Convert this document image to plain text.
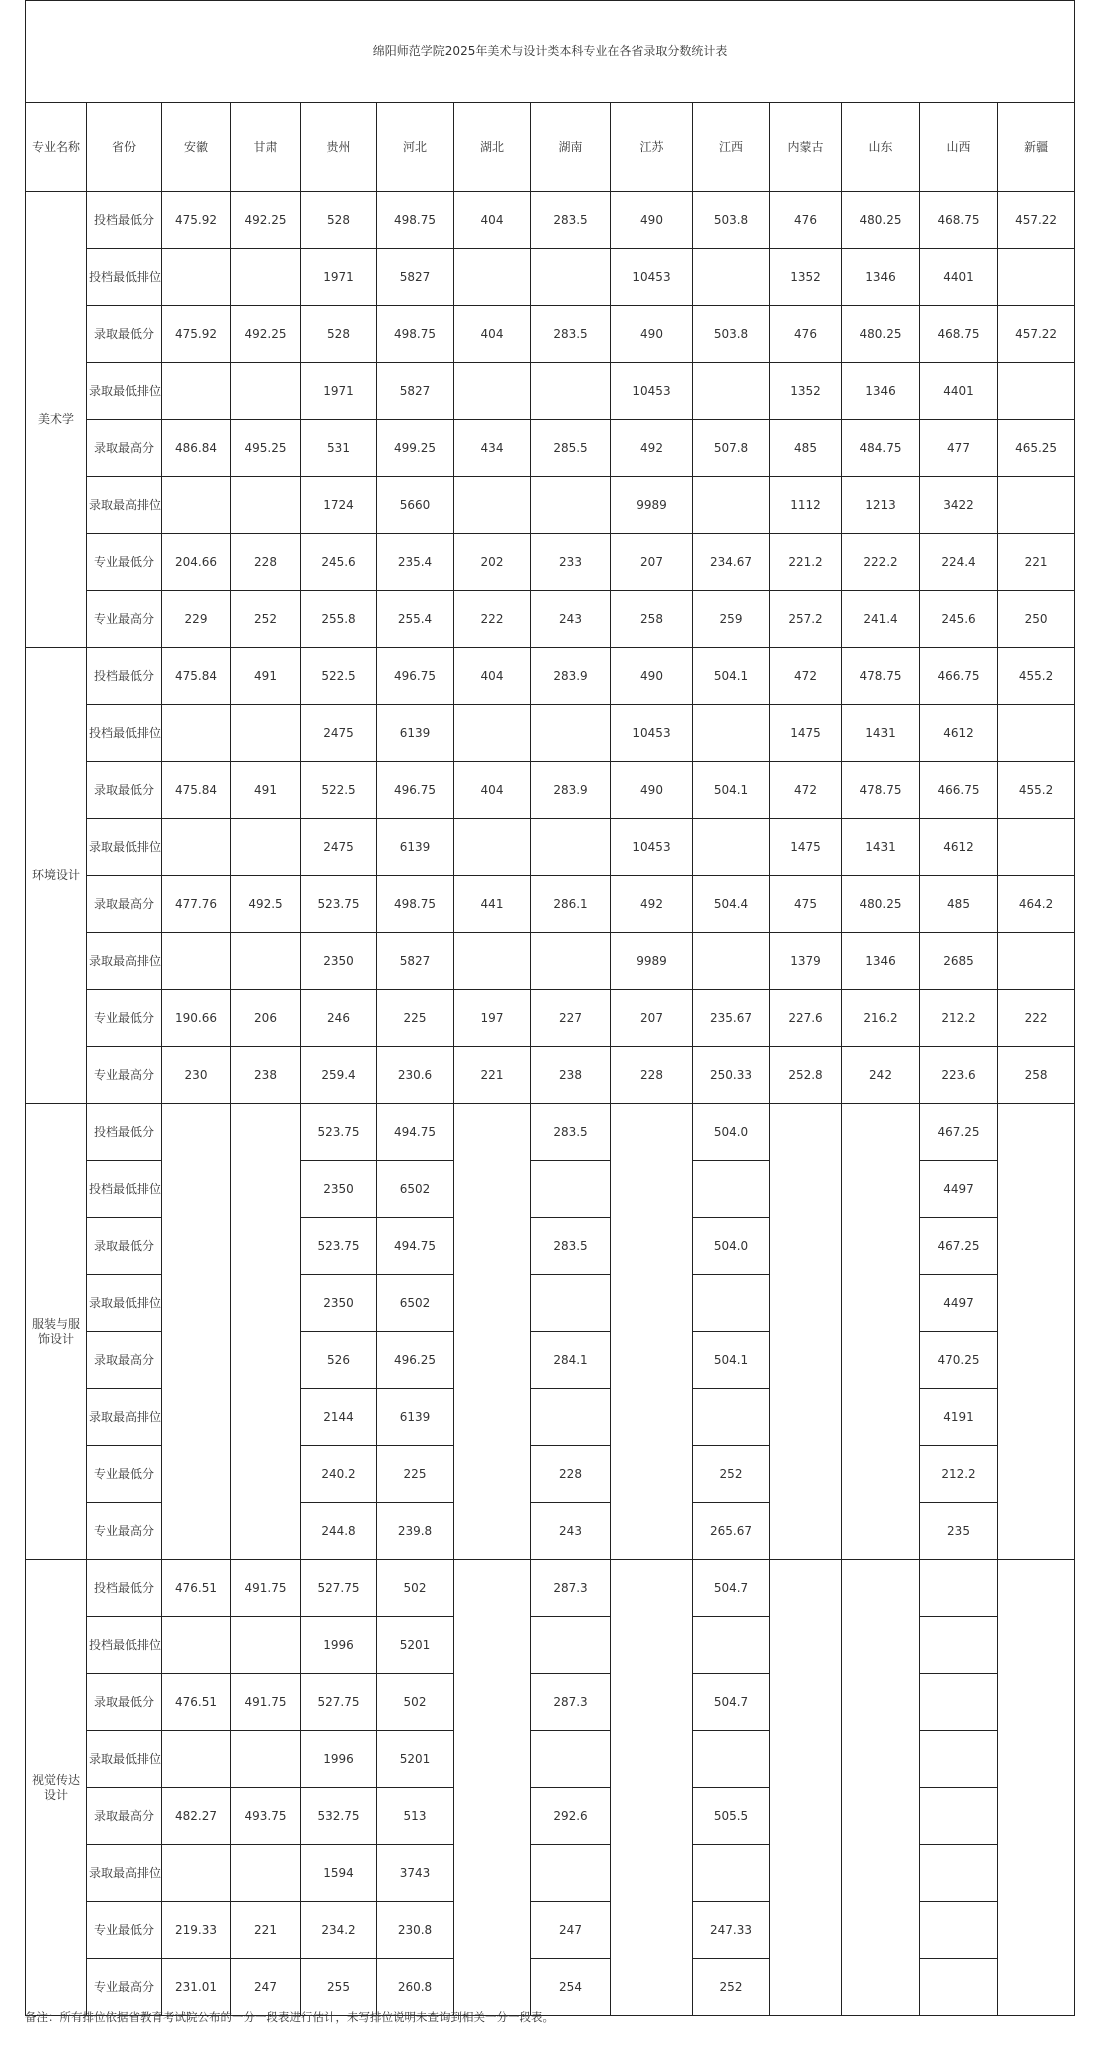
绵阳师范学院2025年美术与设计类本科专业在各省录取分数统计表													
专业名称	省份	安徽	甘肃	贵州	河北	湖北	湖南	江苏	江西	内蒙古	山东	山西	新疆
美术学	投档最低分	475.92	492.25	528	498.75	404	283.5	490	503.8	476	480.25	468.75	457.22
	投档最低排位			1971	5827			10453		1352	1346	4401	
	录取最低分	475.92	492.25	528	498.75	404	283.5	490	503.8	476	480.25	468.75	457.22
	录取最低排位			1971	5827			10453		1352	1346	4401	
	录取最高分	486.84	495.25	531	499.25	434	285.5	492	507.8	485	484.75	477	465.25
	录取最高排位			1724	5660			9989		1112	1213	3422	
	专业最低分	204.66	228	245.6	235.4	202	233	207	234.67	221.2	222.2	224.4	221
	专业最高分	229	252	255.8	255.4	222	243	258	259	257.2	241.4	245.6	250
环境设计	投档最低分	475.84	491	522.5	496.75	404	283.9	490	504.1	472	478.75	466.75	455.2
	投档最低排位			2475	6139			10453		1475	1431	4612	
	录取最低分	475.84	491	522.5	496.75	404	283.9	490	504.1	472	478.75	466.75	455.2
	录取最低排位			2475	6139			10453		1475	1431	4612	
	录取最高分	477.76	492.5	523.75	498.75	441	286.1	492	504.4	475	480.25	485	464.2
	录取最高排位			2350	5827			9989		1379	1346	2685	
	专业最低分	190.66	206	246	225	197	227	207	235.67	227.6	216.2	212.2	222
	专业最高分	230	238	259.4	230.6	221	238	228	250.33	252.8	242	223.6	258
服装与服饰设计	投档最低分			523.75	494.75		283.5		504.0			467.25	
	投档最低排位			2350	6502							4497	
	录取最低分			523.75	494.75		283.5		504.0			467.25	
	录取最低排位			2350	6502							4497	
	录取最高分			526	496.25		284.1		504.1			470.25	
	录取最高排位			2144	6139							4191	
	专业最低分			240.2	225		228		252			212.2	
	专业最高分			244.8	239.8		243		265.67			235	
视觉传达设计	投档最低分	476.51	491.75	527.75	502		287.3		504.7				
	投档最低排位			1996	5201								
	录取最低分	476.51	491.75	527.75	502		287.3		504.7				
	录取最低排位			1996	5201								
	录取最高分	482.27	493.75	532.75	513		292.6		505.5				
	录取最高排位			1594	3743								
	专业最低分	219.33	221	234.2	230.8		247		247.33				
	专业最高分	231.01	247	255	260.8		254		252				
备注：所有排位依据省教育考试院公布的一分一段表进行估计，未写排位说明未查询到相关一分一段表。
